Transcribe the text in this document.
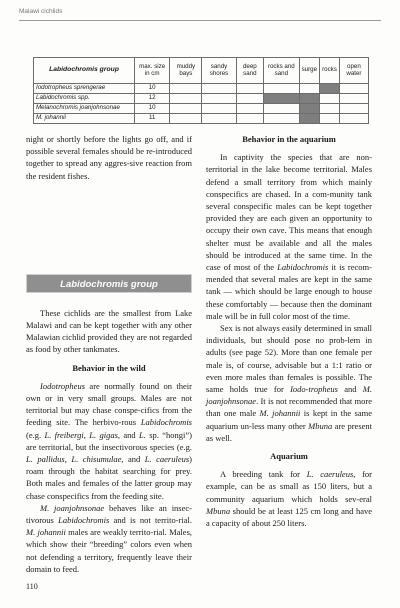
Malawi cichlids
Labidochromis group	max. size in cm	muddy bays	sandy shores	deep sand	rocks and sand	surge	rocks	open water
Iodotropheus sprengerae	10							
Labidochromis spp.	12							
Melanochromis joanjohnsonae	10							
M. johannii	11							

night or shortly before the lights go off, and if possible several females should be re-introduced together to spread any aggres-sive reaction from the resident fishes.

Labidochromis group

These cichlids are the smallest from Lake Malawi and can be kept together with any other Malawian cichlid provided they are not regarded as food by other tankmates.

Behavior in the wild

Iodotropheus are normally found on their own or in very small groups. Males are not territorial but may chase conspe-cifics from the feeding site. The herbivo-rous Labidochromis (e.g. L. freibergi, L. gigas, and L. sp. “hongi”) are territorial, but the insectivorous species (e.g. L. pallidus, L. chisumulae, and L. caeruleus) roam through the habitat searching for prey. Both males and females of the latter group may chase conspecifics from the feeding site.

M. joanjohnsonae behaves like an insec-tivorous Labidochromis and is not territo-rial. M. johannii males are weakly territo-rial. Males, which show their “breeding” colors even when not defending a territory, frequently leave their domain to feed.

Behavior in the aquarium

In captivity the species that are non-territorial in the lake become territorial. Males defend a small territory from which mainly conspecifics are chased. In a com-munity tank several conspecific males can be kept together provided they are each given an opportunity to occupy their own cave. This means that enough shelter must be available and all the males should be introduced at the same time. In the case of most of the Labidochromis it is recom-mended that several males are kept in the same tank — which should be large enough to house these comfortably — because then the dominant male will be in full color most of the time.

Sex is not always easily determined in small individuals, but should pose no prob-lem in adults (see page 52). More than one female per male is, of course, advisable but a 1:1 ratio or even more males than females is possible. The same holds true for Iodo-tropheus and M. joanjohnsonae. It is not recommended that more than one male M. johannii is kept in the same aquarium un-less many other Mbuna are present as well.

Aquarium

A breeding tank for L. caeruleus, for example, can be as small as 150 liters, but a community aquarium which holds sev-eral Mbuna should be at least 125 cm long and have a capacity of about 250 liters.

110
